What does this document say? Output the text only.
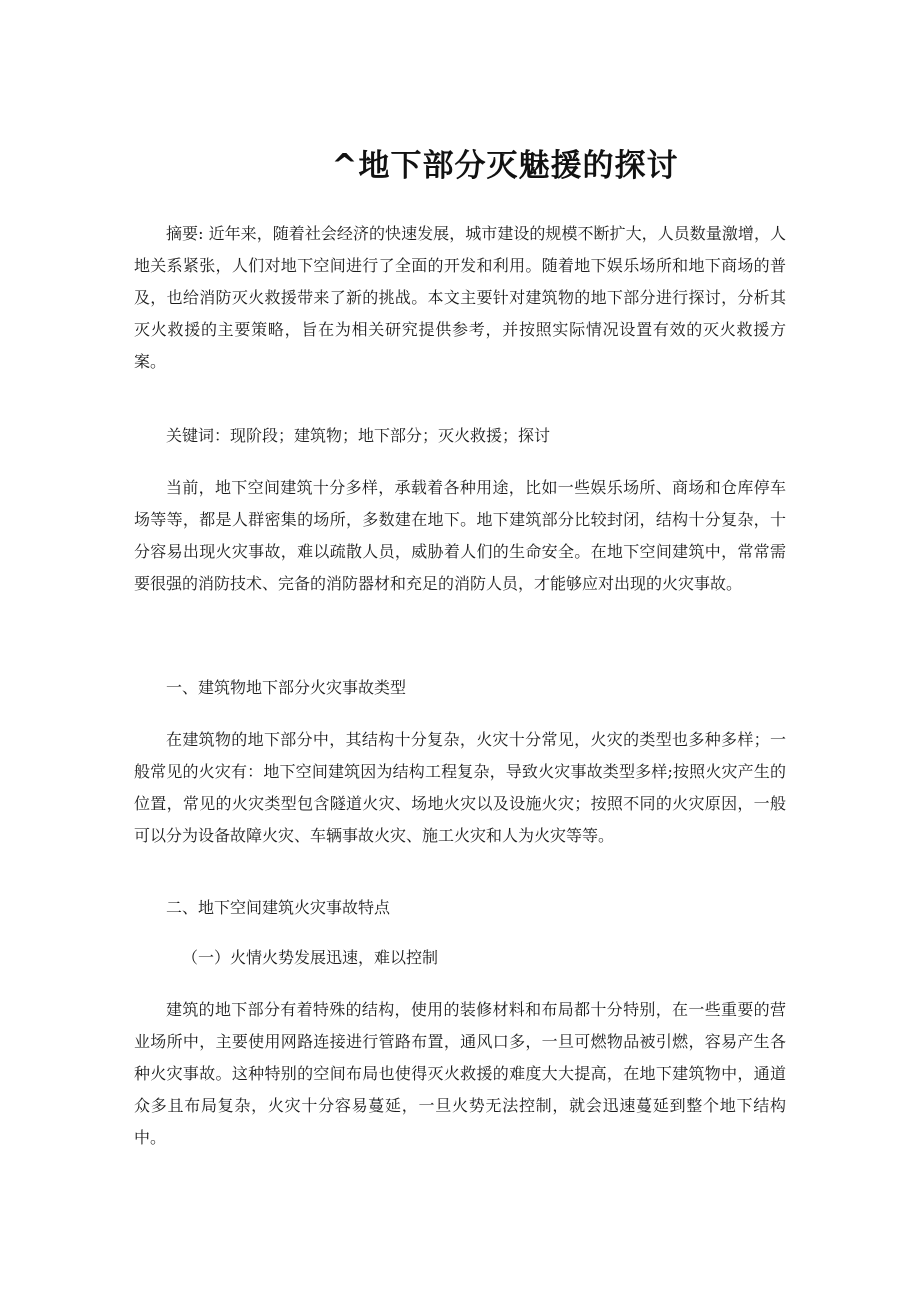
^地下部分灭魅援的探讨

摘要: 近年来，随着社会经济的快速发展，城市建设的规模不断扩大，人员数量激增，人地关系紧张，人们对地下空间进行了全面的开发和利用。随着地下娱乐场所和地下商场的普及，也给消防灭火救援带来了新的挑战。本文主要针对建筑物的地下部分进行探讨，分析其灭火救援的主要策略，旨在为相关研究提供参考，并按照实际情况设置有效的灭火救援方案。

关键词：现阶段；建筑物；地下部分；灭火救援；探讨

当前，地下空间建筑十分多样，承载着各种用途，比如一些娱乐场所、商场和仓库停车场等等，都是人群密集的场所，多数建在地下。地下建筑部分比较封闭，结构十分复杂，十分容易出现火灾事故，难以疏散人员，威胁着人们的生命安全。在地下空间建筑中，常常需要很强的消防技术、完备的消防器材和充足的消防人员，才能够应对出现的火灾事故。

一、建筑物地下部分火灾事故类型

在建筑物的地下部分中，其结构十分复杂，火灾十分常见，火灾的类型也多种多样；一般常见的火灾有：地下空间建筑因为结构工程复杂，导致火灾事故类型多样;按照火灾产生的位置，常见的火灾类型包含隧道火灾、场地火灾以及设施火灾；按照不同的火灾原因，一般可以分为设备故障火灾、车辆事故火灾、施工火灾和人为火灾等等。

二、地下空间建筑火灾事故特点

（一）火情火势发展迅速，难以控制

建筑的地下部分有着特殊的结构，使用的装修材料和布局都十分特别，在一些重要的营业场所中，主要使用网路连接进行管路布置，通风口多，一旦可燃物品被引燃，容易产生各种火灾事故。这种特别的空间布局也使得灭火救援的难度大大提高，在地下建筑物中，通道众多且布局复杂，火灾十分容易蔓延，一旦火势无法控制，就会迅速蔓延到整个地下结构中。
